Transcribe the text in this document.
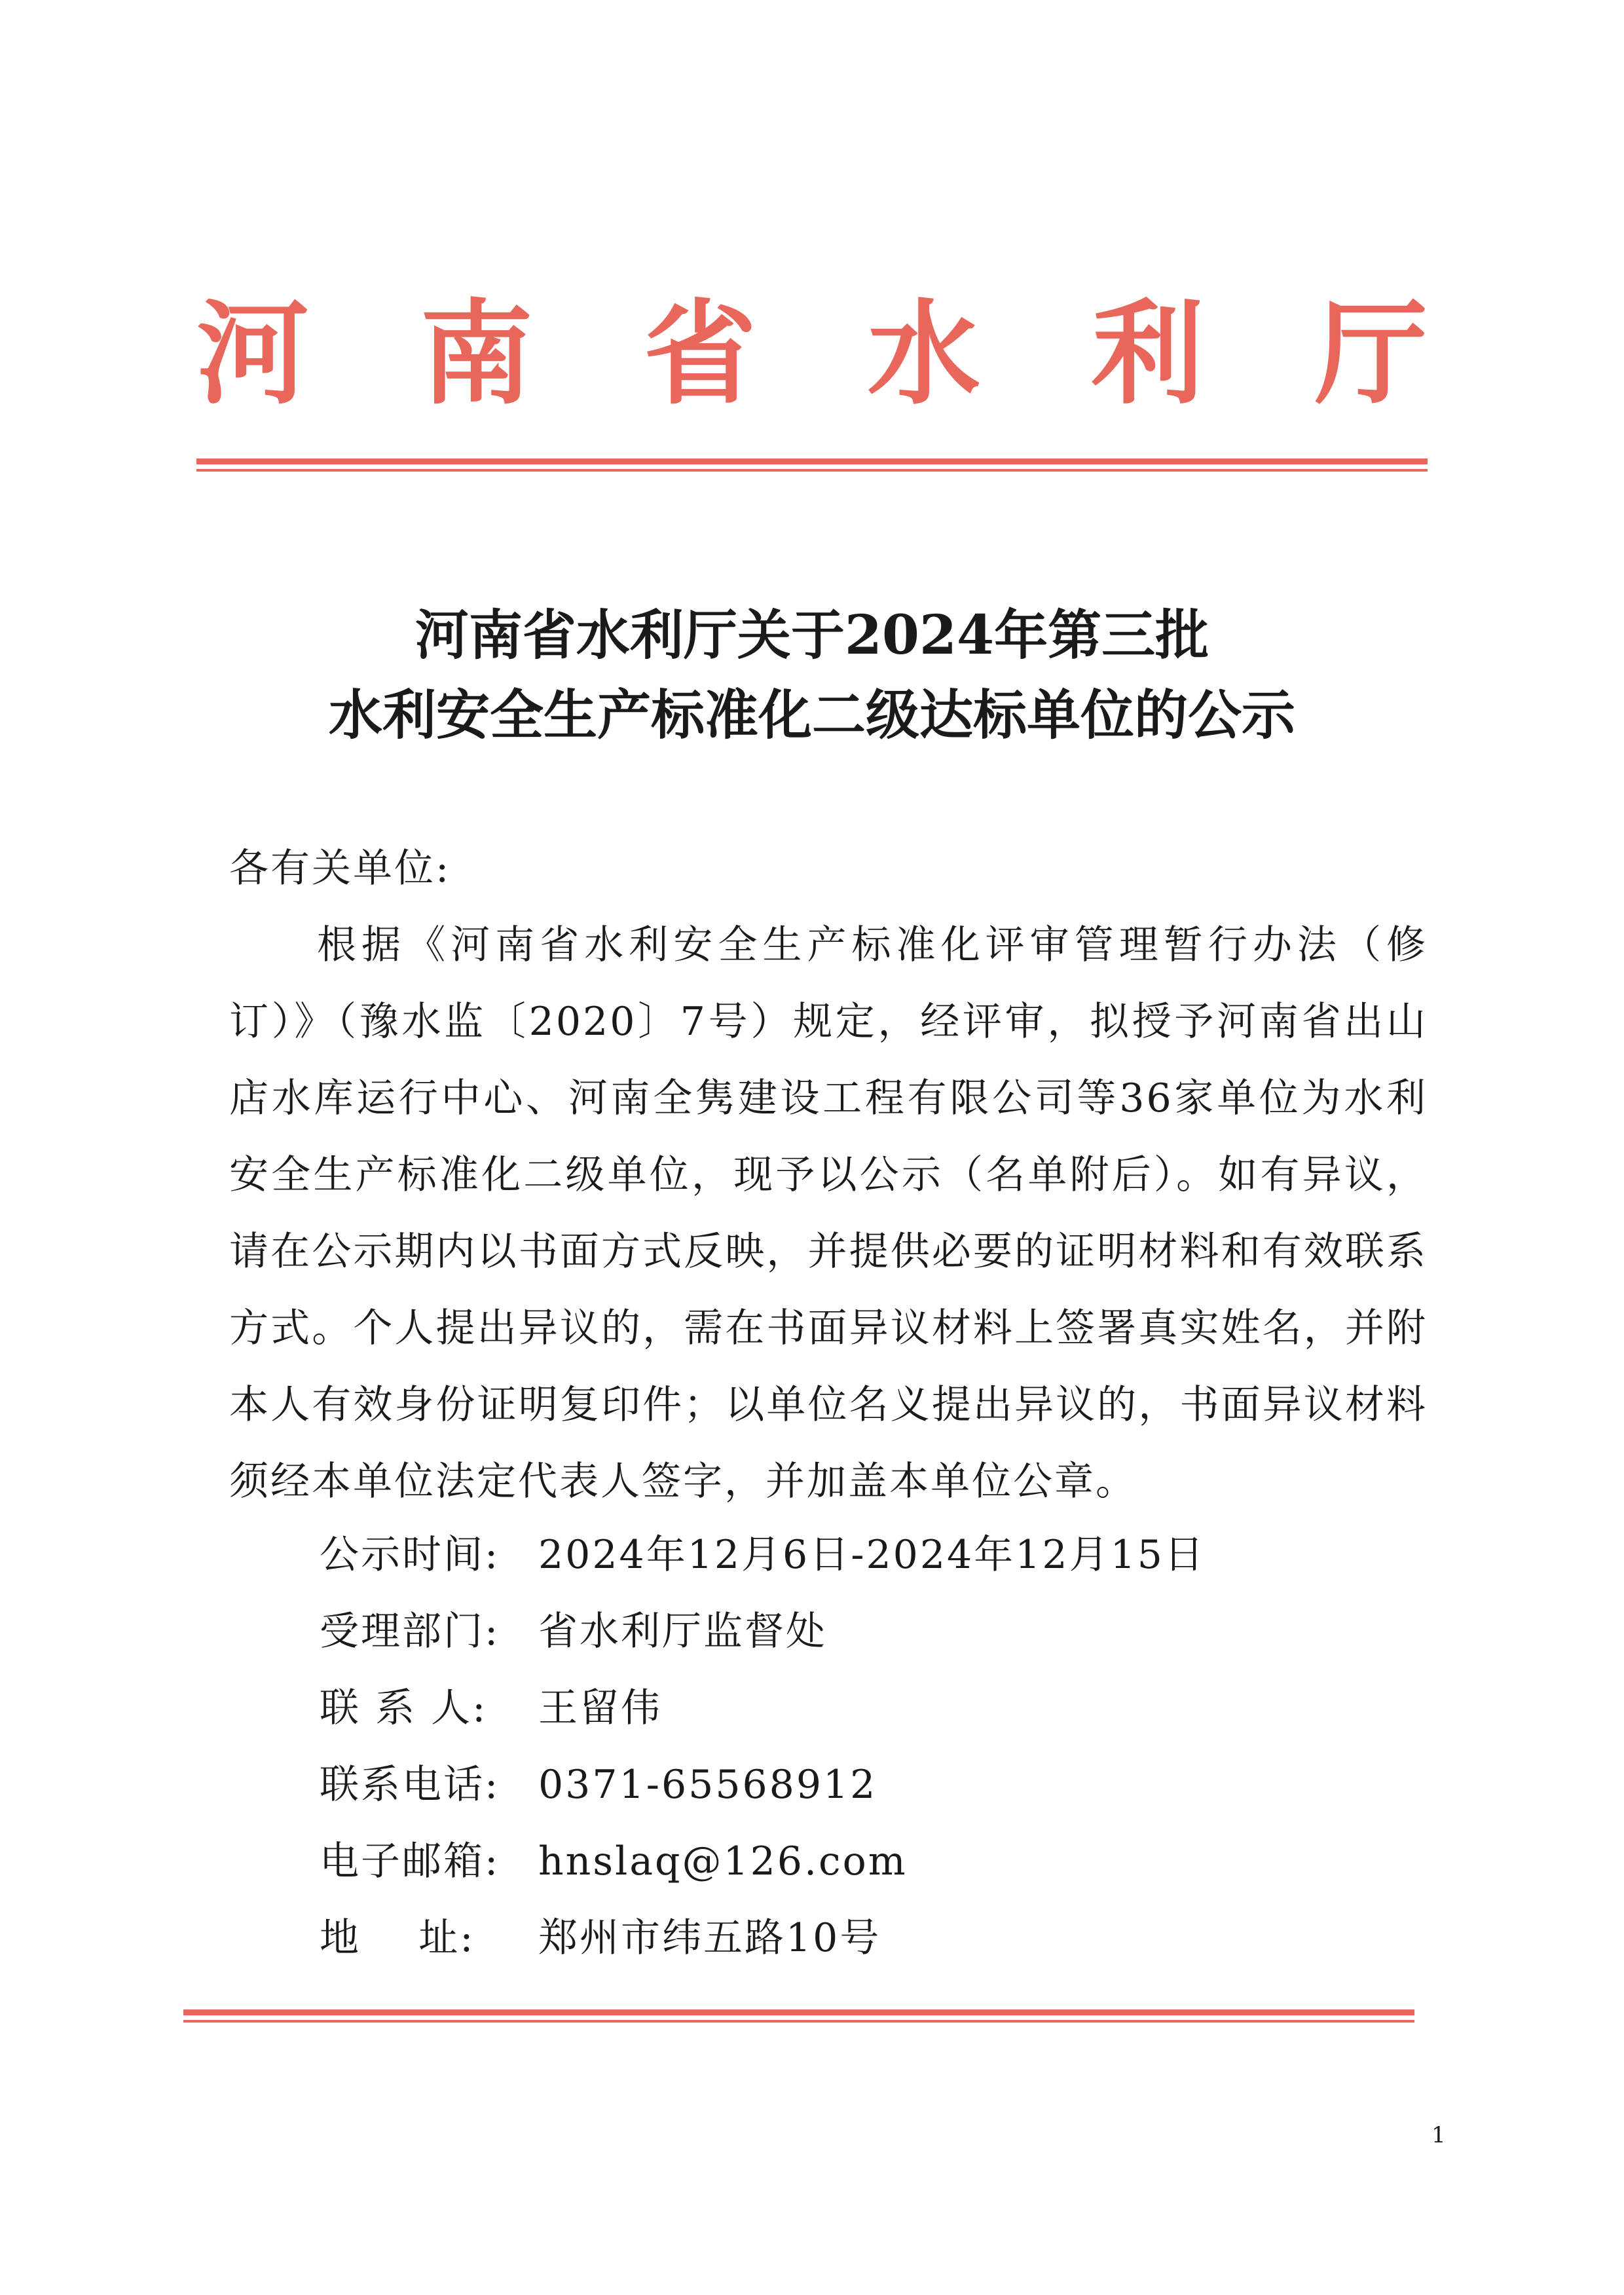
河 南 省 水 利 厅
河南省水利厅关于2024年第三批
水利安全生产标准化二级达标单位的公示

各有关单位:

根据《河南省水利安全生产标准化评审管理暂行办法（修订）》（豫水监〔2020〕7号）规定，经评审，拟授予河南省出山店水库运行中心、河南全隽建设工程有限公司等36家单位为水利安全生产标准化二级单位，现予以公示（名单附后）。如有异议，请在公示期内以书面方式反映，并提供必要的证明材料和有效联系方式。个人提出异议的，需在书面异议材料上签署真实姓名，并附本人有效身份证明复印件；以单位名义提出异议的，书面异议材料须经本单位法定代表人签字，并加盖本单位公章。

公示时间: 2024年12月6日-2024年12月15日
受理部门: 省水利厅监督处
联 系 人: 王留伟
联系电话: 0371-65568912
电子邮箱: hnslaq@126.com
地    址: 郑州市纬五路10号
1
